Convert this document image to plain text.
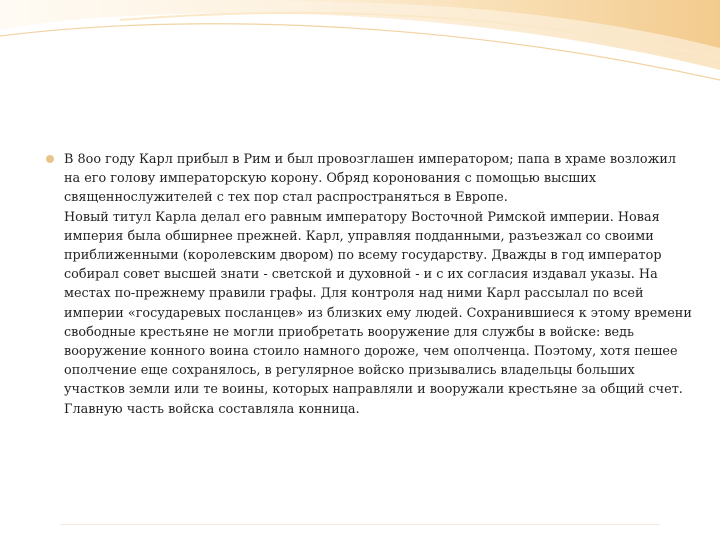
В 8оо году Карл прибыл в Рим и был провозглашен императором; папа в храме возложил на его голову императорскую корону. Обряд коронования с помощью высших священнослужителей с тех пор стал распространяться в Европе.
Новый титул Карла делал его равным императору Восточной Римской империи. Новая империя была обширнее прежней. Карл, управляя подданными, разъезжал со своими приближенными (королевским двором) по всему государству. Дважды в год император собирал совет высшей знати - светской и духовной - и с их согласия издавал указы. На местах по-прежнему правили графы. Для контроля над ними Карл рассылал по всей империи «государевых посланцев» из близких ему людей. Сохранившиеся к этому времени свободные крестьяне не могли приобретать вооружение для службы в войске: ведь вооружение конного воина стоило намного дороже, чем ополченца. Поэтому, хотя пешее ополчение еще сохранялось, в регулярное войско призывались владельцы больших участков земли или те воины, которых направляли и вооружали крестьяне за общий счет. Главную часть войска составляла конница.
